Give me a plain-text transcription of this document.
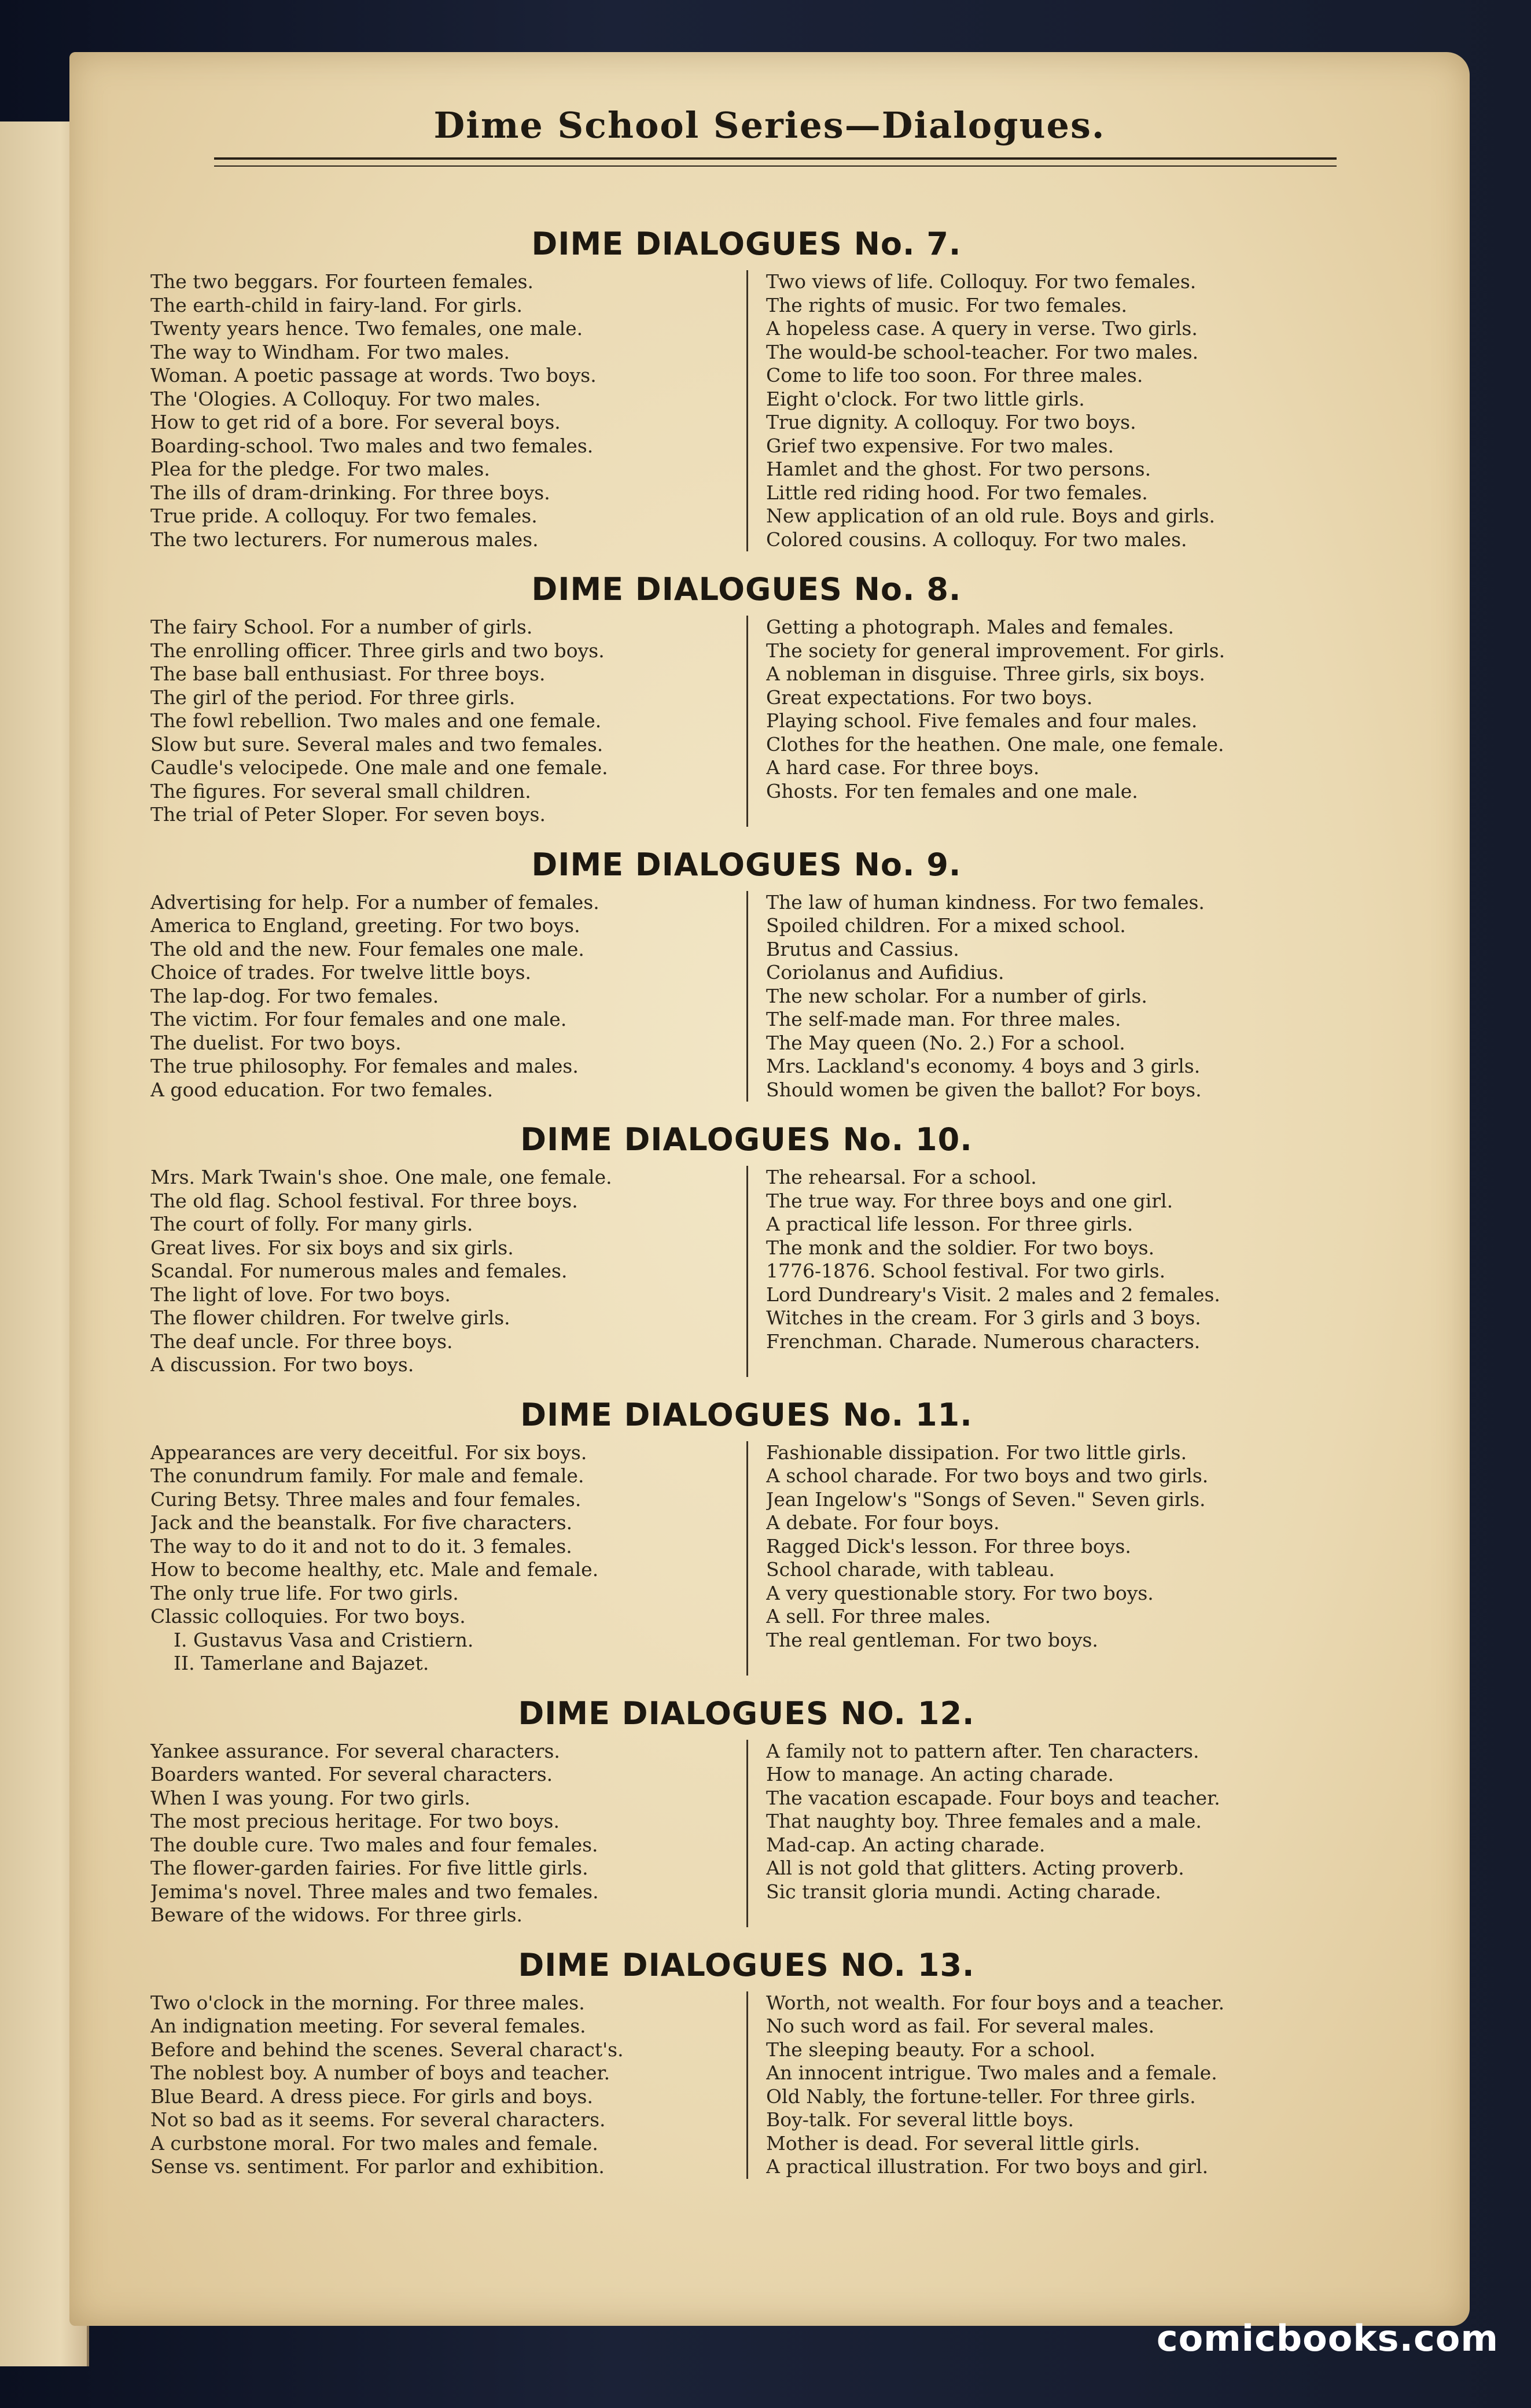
Dime School Series—Dialogues.
DIME DIALOGUES No. 7.
The two beggars. For fourteen females.
The earth-child in fairy-land. For girls.
Twenty years hence. Two females, one male.
The way to Windham. For two males.
Woman. A poetic passage at words. Two boys.
The 'Ologies. A Colloquy. For two males.
How to get rid of a bore. For several boys.
Boarding-school. Two males and two females.
Plea for the pledge. For two males.
The ills of dram-drinking. For three boys.
True pride. A colloquy. For two females.
The two lecturers. For numerous males.
Two views of life. Colloquy. For two females.
The rights of music. For two females.
A hopeless case. A query in verse. Two girls.
The would-be school-teacher. For two males.
Come to life too soon. For three males.
Eight o'clock. For two little girls.
True dignity. A colloquy. For two boys.
Grief two expensive. For two males.
Hamlet and the ghost. For two persons.
Little red riding hood. For two females.
New application of an old rule. Boys and girls.
Colored cousins. A colloquy. For two males.
DIME DIALOGUES No. 8.
The fairy School. For a number of girls.
The enrolling officer. Three girls and two boys.
The base ball enthusiast. For three boys.
The girl of the period. For three girls.
The fowl rebellion. Two males and one female.
Slow but sure. Several males and two females.
Caudle's velocipede. One male and one female.
The figures. For several small children.
The trial of Peter Sloper. For seven boys.
Getting a photograph. Males and females.
The society for general improvement. For girls.
A nobleman in disguise. Three girls, six boys.
Great expectations. For two boys.
Playing school. Five females and four males.
Clothes for the heathen. One male, one female.
A hard case. For three boys.
Ghosts. For ten females and one male.
DIME DIALOGUES No. 9.
Advertising for help. For a number of females.
America to England, greeting. For two boys.
The old and the new. Four females one male.
Choice of trades. For twelve little boys.
The lap-dog. For two females.
The victim. For four females and one male.
The duelist. For two boys.
The true philosophy. For females and males.
A good education. For two females.
The law of human kindness. For two females.
Spoiled children. For a mixed school.
Brutus and Cassius.
Coriolanus and Aufidius.
The new scholar. For a number of girls.
The self-made man. For three males.
The May queen (No. 2.) For a school.
Mrs. Lackland's economy. 4 boys and 3 girls.
Should women be given the ballot? For boys.
DIME DIALOGUES No. 10.
Mrs. Mark Twain's shoe. One male, one female.
The old flag. School festival. For three boys.
The court of folly. For many girls.
Great lives. For six boys and six girls.
Scandal. For numerous males and females.
The light of love. For two boys.
The flower children. For twelve girls.
The deaf uncle. For three boys.
A discussion. For two boys.
The rehearsal. For a school.
The true way. For three boys and one girl.
A practical life lesson. For three girls.
The monk and the soldier. For two boys.
1776-1876. School festival. For two girls.
Lord Dundreary's Visit. 2 males and 2 females.
Witches in the cream. For 3 girls and 3 boys.
Frenchman. Charade. Numerous characters.
DIME DIALOGUES No. 11.
Appearances are very deceitful. For six boys.
The conundrum family. For male and female.
Curing Betsy. Three males and four females.
Jack and the beanstalk. For five characters.
The way to do it and not to do it. 3 females.
How to become healthy, etc. Male and female.
The only true life. For two girls.
Classic colloquies. For two boys.
I. Gustavus Vasa and Cristiern.
II. Tamerlane and Bajazet.
Fashionable dissipation. For two little girls.
A school charade. For two boys and two girls.
Jean Ingelow's "Songs of Seven." Seven girls.
A debate. For four boys.
Ragged Dick's lesson. For three boys.
School charade, with tableau.
A very questionable story. For two boys.
A sell. For three males.
The real gentleman. For two boys.
DIME DIALOGUES NO. 12.
Yankee assurance. For several characters.
Boarders wanted. For several characters.
When I was young. For two girls.
The most precious heritage. For two boys.
The double cure. Two males and four females.
The flower-garden fairies. For five little girls.
Jemima's novel. Three males and two females.
Beware of the widows. For three girls.
A family not to pattern after. Ten characters.
How to manage. An acting charade.
The vacation escapade. Four boys and teacher.
That naughty boy. Three females and a male.
Mad-cap. An acting charade.
All is not gold that glitters. Acting proverb.
Sic transit gloria mundi. Acting charade.
DIME DIALOGUES NO. 13.
Two o'clock in the morning. For three males.
An indignation meeting. For several females.
Before and behind the scenes. Several charact's.
The noblest boy. A number of boys and teacher.
Blue Beard. A dress piece. For girls and boys.
Not so bad as it seems. For several characters.
A curbstone moral. For two males and female.
Sense vs. sentiment. For parlor and exhibition.
Worth, not wealth. For four boys and a teacher.
No such word as fail. For several males.
The sleeping beauty. For a school.
An innocent intrigue. Two males and a female.
Old Nably, the fortune-teller. For three girls.
Boy-talk. For several little boys.
Mother is dead. For several little girls.
A practical illustration. For two boys and girl.
comicbooks.com
